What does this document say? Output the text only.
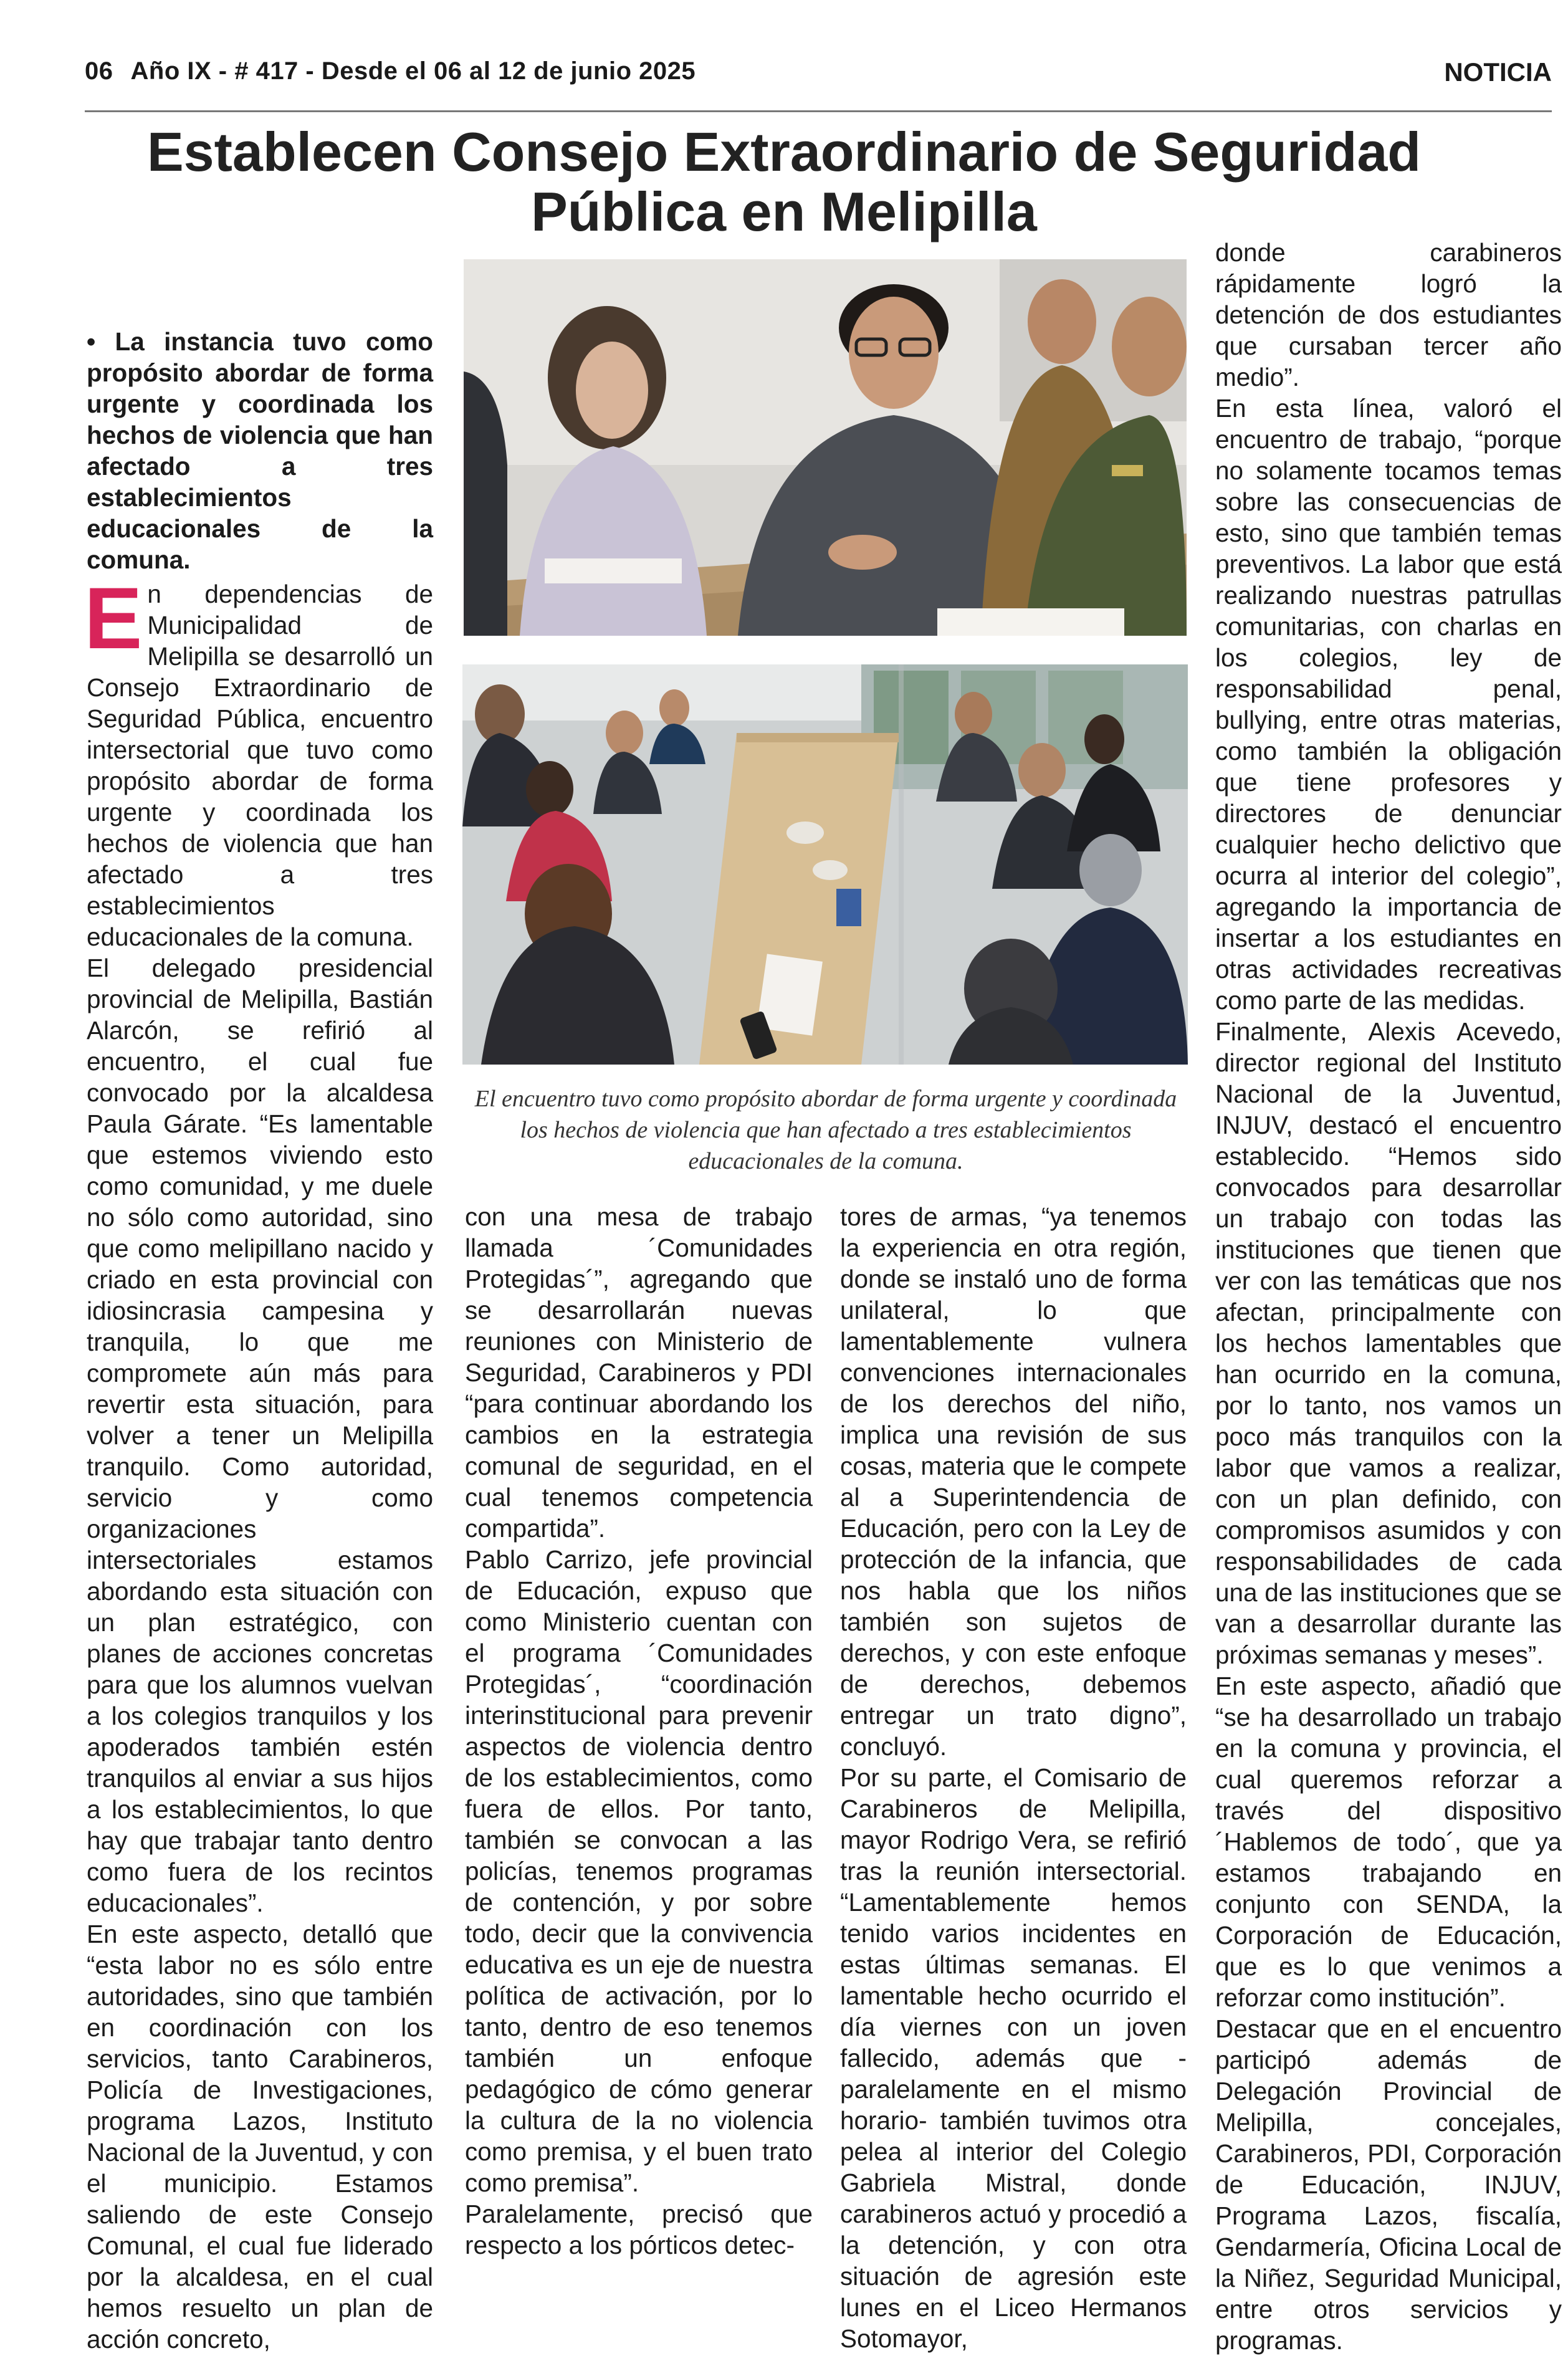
06 Año IX - # 417 - Desde el 06 al 12 de junio 2025	NOTICIA
Establecen Consejo Extraordinario de Seguridad Pública en Melipilla
• La instancia tuvo como propósito abordar de forma urgente y coordinada los hechos de violencia que han afectado a tres establecimientos educacionales de la comuna.

En dependencias de Municipalidad de Melipilla se desarrolló un Consejo Extraordinario de Seguridad Pública, encuentro intersectorial que tuvo como propósito abordar de forma urgente y coordinada los hechos de violencia que han afectado a tres establecimientos educacionales de la comuna.

El delegado presidencial provincial de Melipilla, Bastián Alarcón, se refirió al encuentro, el cual fue convocado por la alcaldesa Paula Gárate. “Es lamentable que estemos viviendo esto como comunidad, y me duele no sólo como autoridad, sino que como melipillano nacido y criado en esta provincial con idiosincrasia campesina y tranquila, lo que me compromete aún más para revertir esta situación, para volver a tener un Melipilla tranquilo. Como autoridad, servicio y como organizaciones intersectoriales estamos abordando esta situación con un plan estratégico, con planes de acciones concretas para que los alumnos vuelvan a los colegios tranquilos y los apoderados también estén tranquilos al enviar a sus hijos a los establecimientos, lo que hay que trabajar tanto dentro como fuera de los recintos educacionales”.

En este aspecto, detalló que “esta labor no es sólo entre autoridades, sino que también en coordinación con los servicios, tanto Carabineros, Policía de Investigaciones, programa Lazos, Instituto Nacional de la Juventud, y con el municipio. Estamos saliendo de este Consejo Comunal, el cual fue liderado por la alcaldesa, en el cual hemos resuelto un plan de acción concreto,

El encuentro tuvo como propósito abordar de forma urgente y coordinada los hechos de violencia que han afectado a tres establecimientos educacionales de la comuna.

con una mesa de trabajo llamada ´Comunidades Protegidas´”, agregando que se desarrollarán nuevas reuniones con Ministerio de Seguridad, Carabineros y PDI “para continuar abordando los cambios en la estrategia comunal de seguridad, en el cual tenemos competencia compartida”.

Pablo Carrizo, jefe provincial de Educación, expuso que como Ministerio cuentan con el programa ´Comunidades Protegidas´, “coordinación interinstitucional para prevenir aspectos de violencia dentro de los establecimientos, como fuera de ellos. Por tanto, también se convocan a las policías, tenemos programas de contención, y por sobre todo, decir que la convivencia educativa es un eje de nuestra política de activación, por lo tanto, dentro de eso tenemos también un enfoque pedagógico de cómo generar la cultura de la no violencia como premisa, y el buen trato como premisa”.

Paralelamente, precisó que respecto a los pórticos detec-

tores de armas, “ya tenemos la experiencia en otra región, donde se instaló uno de forma unilateral, lo que lamentablemente vulnera convenciones internacionales de los derechos del niño, implica una revisión de sus cosas, materia que le compete al a Superintendencia de Educación, pero con la Ley de protección de la infancia, que nos habla que los niños también son sujetos de derechos, y con este enfoque de derechos, debemos entregar un trato digno”, concluyó.

Por su parte, el Comisario de Carabineros de Melipilla, mayor Rodrigo Vera, se refirió tras la reunión intersectorial. “Lamentablemente hemos tenido varios incidentes en estas últimas semanas. El lamentable hecho ocurrido el día viernes con un joven fallecido, además que -paralelamente en el mismo horario- también tuvimos otra pelea al interior del Colegio Gabriela Mistral, donde carabineros actuó y procedió a la detención, y con otra situación de agresión este lunes en el Liceo Hermanos Sotomayor,

donde carabineros rápidamente logró la detención de dos estudiantes que cursaban tercer año medio”.

En esta línea, valoró el encuentro de trabajo, “porque no solamente tocamos temas sobre las consecuencias de esto, sino que también temas preventivos. La labor que está realizando nuestras patrullas comunitarias, con charlas en los colegios, ley de responsabilidad penal, bullying, entre otras materias, como también la obligación que tiene profesores y directores de denunciar cualquier hecho delictivo que ocurra al interior del colegio”, agregando la importancia de insertar a los estudiantes en otras actividades recreativas como parte de las medidas.

Finalmente, Alexis Acevedo, director regional del Instituto Nacional de la Juventud, INJUV, destacó el encuentro establecido. “Hemos sido convocados para desarrollar un trabajo con todas las instituciones que tienen que ver con las temáticas que nos afectan, principalmente con los hechos lamentables que han ocurrido en la comuna, por lo tanto, nos vamos un poco más tranquilos con la labor que vamos a realizar, con un plan definido, con compromisos asumidos y con responsabilidades de cada una de las instituciones que se van a desarrollar durante las próximas semanas y meses”.

En este aspecto, añadió que “se ha desarrollado un trabajo en la comuna y provincia, el cual queremos reforzar a través del dispositivo ´Hablemos de todo´, que ya estamos trabajando en conjunto con SENDA, la Corporación de Educación, que es lo que venimos a reforzar como institución”.

Destacar que en el encuentro participó además de Delegación Provincial de Melipilla, concejales, Carabineros, PDI, Corporación de Educación, INJUV, Programa Lazos, fiscalía, Gendarmería, Oficina Local de la Niñez, Seguridad Municipal, entre otros servicios y programas.
